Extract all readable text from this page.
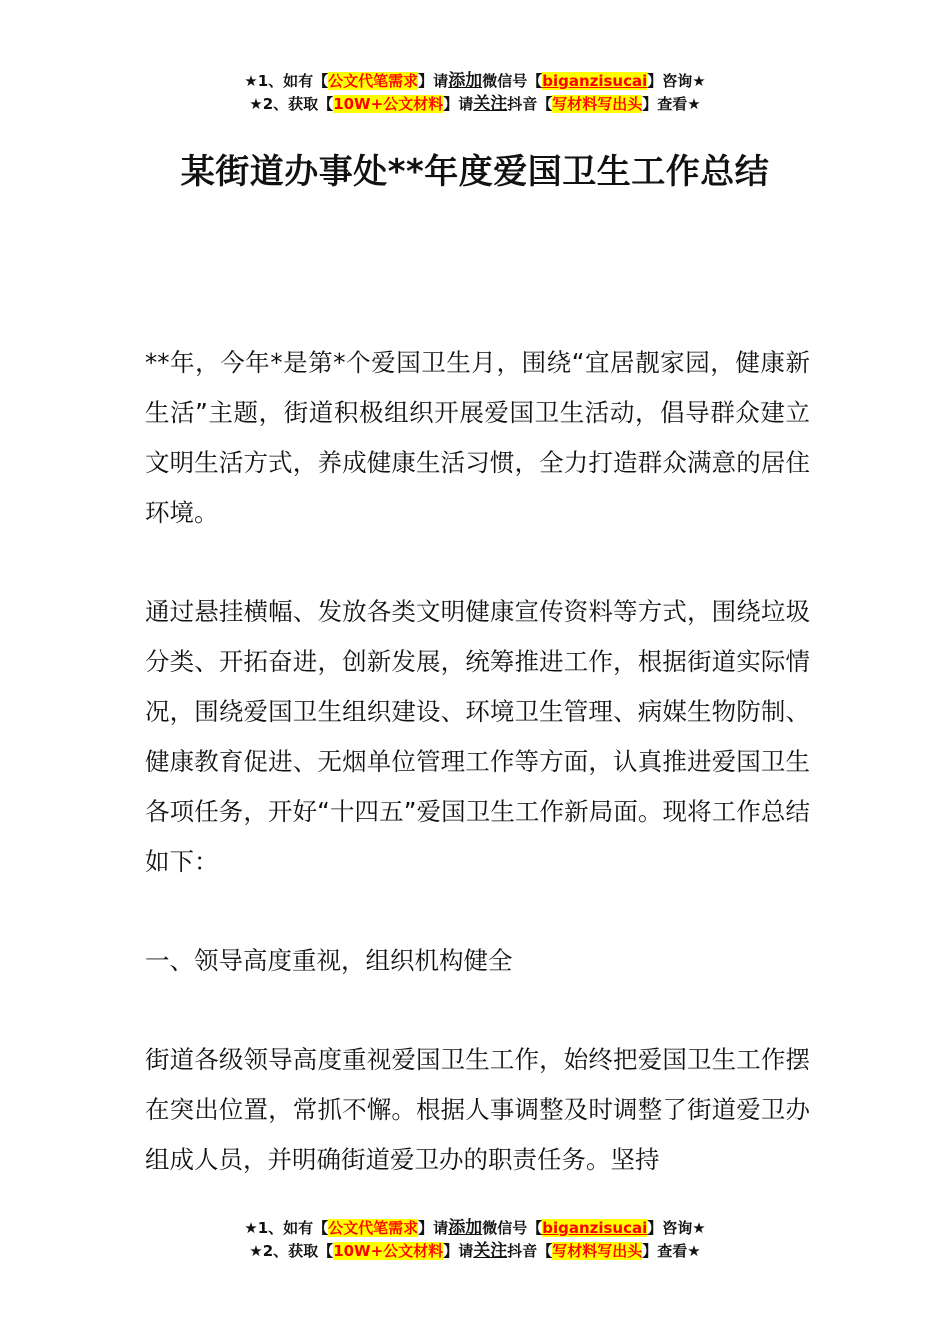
★1、如有【公文代笔需求】请添加微信号【biganzisucai】咨询★
★2、获取【10W+公文材料】请关注抖音【写材料写出头】查看★
某街道办事处**年度爱国卫生工作总结

**年，今年*是第*个爱国卫生月，围绕“宜居靓家园，健康新生活”主题，街道积极组织开展爱国卫生活动，倡导群众建立文明生活方式，养成健康生活习惯，全力打造群众满意的居住环境。

通过悬挂横幅、发放各类文明健康宣传资料等方式，围绕垃圾分类、开拓奋进，创新发展，统筹推进工作，根据街道实际情况，围绕爱国卫生组织建设、环境卫生管理、病媒生物防制、健康教育促进、无烟单位管理工作等方面，认真推进爱国卫生各项任务，开好“十四五”爱国卫生工作新局面。现将工作总结如下：

一、领导高度重视，组织机构健全

街道各级领导高度重视爱国卫生工作，始终把爱国卫生工作摆在突出位置，常抓不懈。根据人事调整及时调整了街道爱卫办组成人员，并明确街道爱卫办的职责任务。坚持

★1、如有【公文代笔需求】请添加微信号【biganzisucai】咨询★
★2、获取【10W+公文材料】请关注抖音【写材料写出头】查看★
